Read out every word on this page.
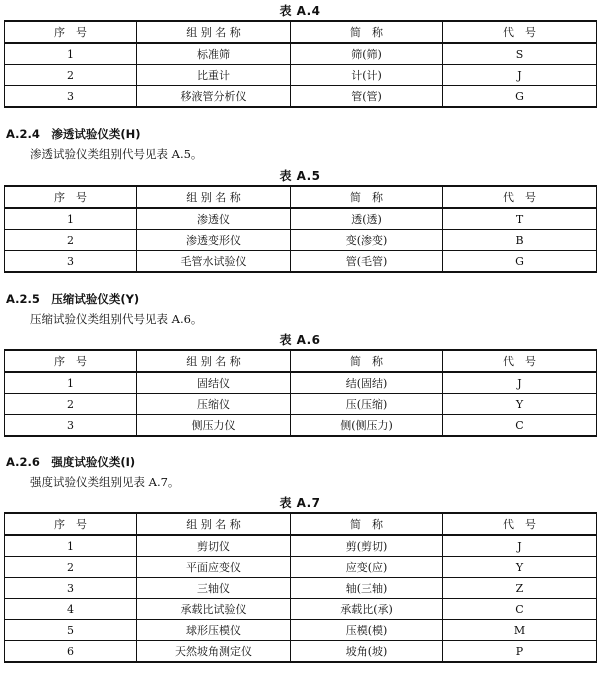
表 A.4
序　号	组 别 名 称	简　称	代　号
1	标准筛	筛(筛)	S
2	比重计	计(计)	J
3	移液管分析仪	管(管)	G
A.2.4　渗透试验仪类(H)
渗透试验仪类组别代号见表 A.5。
表 A.5
序　号	组 别 名 称	简　称	代　号
1	渗透仪	透(透)	T
2	渗透变形仪	变(渗变)	B
3	毛管水试验仪	管(毛管)	G
A.2.5　压缩试验仪类(Y)
压缩试验仪类组别代号见表 A.6。
表 A.6
序　号	组 别 名 称	简　称	代　号
1	固结仪	结(固结)	J
2	压缩仪	压(压缩)	Y
3	侧压力仪	侧(侧压力)	C
A.2.6　强度试验仪类(I)
强度试验仪类组别见表 A.7。
表 A.7
序　号	组 别 名 称	简　称	代　号
1	剪切仪	剪(剪切)	J
2	平面应变仪	应变(应)	Y
3	三轴仪	轴(三轴)	Z
4	承载比试验仪	承载比(承)	C
5	球形压模仪	压模(模)	M
6	天然坡角测定仪	坡角(坡)	P
